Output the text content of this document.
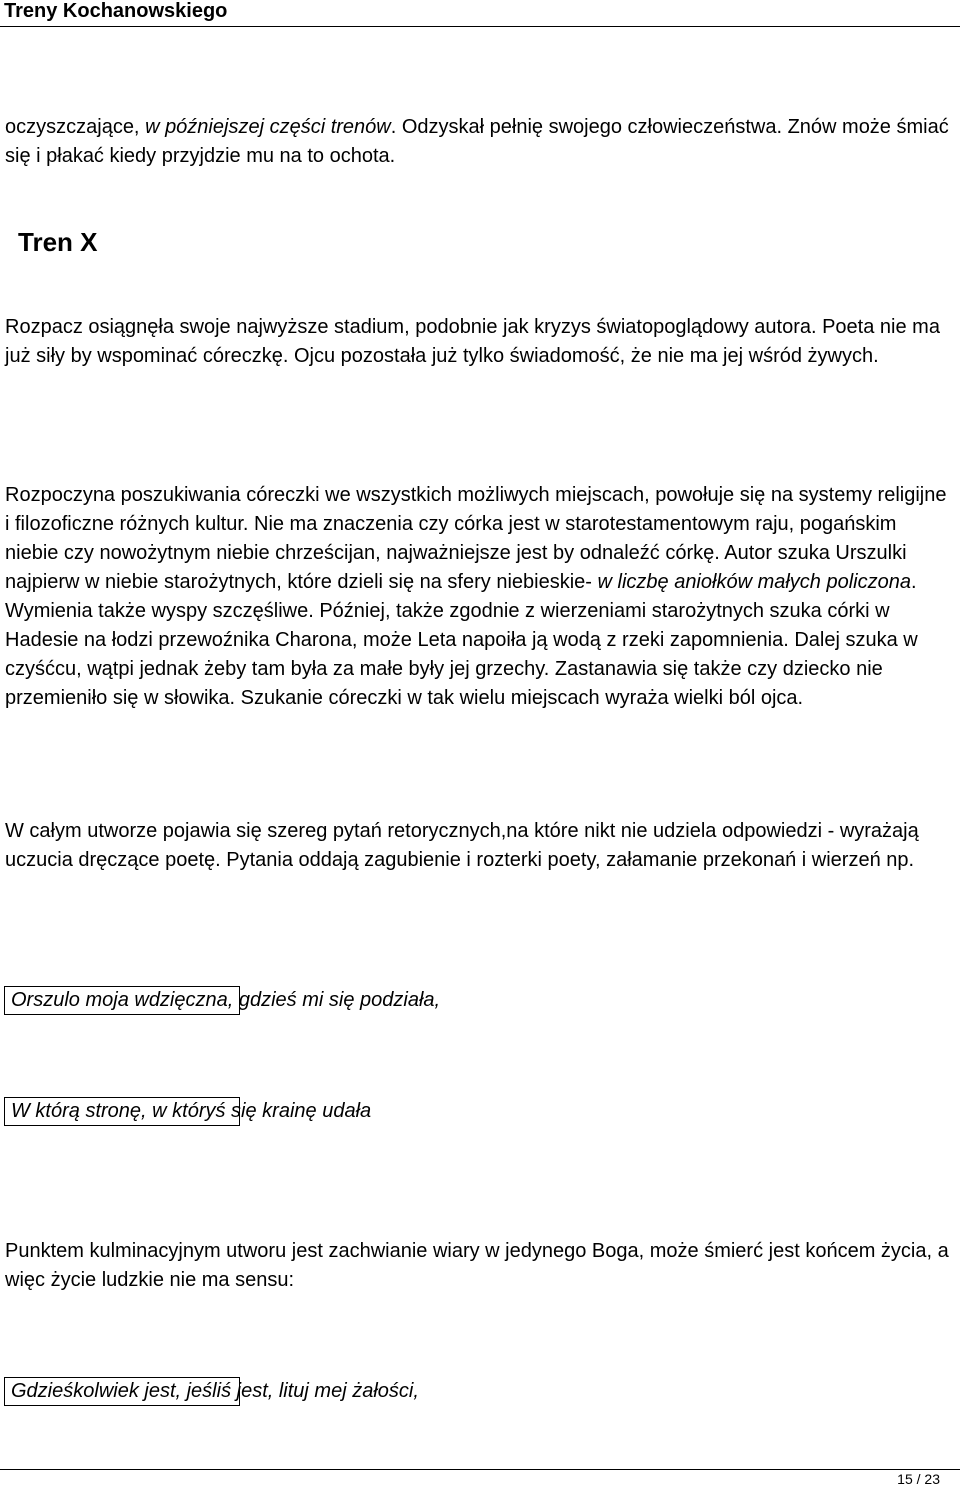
Treny Kochanowskiego

oczyszczające, w późniejszej części trenów. Odzyskał pełnię swojego człowieczeństwa. Znów może śmiać się i płakać kiedy przyjdzie mu na to ochota.

Tren X

Rozpacz osiągnęła swoje najwyższe stadium, podobnie jak kryzys światopoglądowy autora. Poeta nie ma już siły by wspominać córeczkę. Ojcu pozostała już tylko świadomość, że nie ma jej wśród żywych.

Rozpoczyna poszukiwania córeczki we wszystkich możliwych miejscach, powołuje się na systemy religijne i filozoficzne różnych kultur. Nie ma znaczenia czy córka jest w starotestamentowym raju, pogańskim niebie czy nowożytnym niebie chrześcijan, najważniejsze jest by odnaleźć córkę. Autor szuka Urszulki najpierw w niebie starożytnych, które dzieli się na sfery niebieskie- w liczbę aniołków małych policzona. Wymienia także wyspy szczęśliwe. Później, także zgodnie z wierzeniami starożytnych szuka córki w Hadesie na łodzi przewoźnika Charona, może Leta napoiła ją wodą z rzeki zapomnienia. Dalej szuka w czyśćcu, wątpi jednak żeby tam była za małe były jej grzechy. Zastanawia się także czy dziecko nie przemieniło się w słowika. Szukanie córeczki w tak wielu miejscach wyraża wielki ból ojca.

W całym utworze pojawia się szereg pytań retorycznych,na które nikt nie udziela odpowiedzi - wyrażają uczucia dręczące poetę. Pytania oddają zagubienie i rozterki poety, załamanie przekonań i wierzeń np.

Orszulo moja wdzięczna, gdzieś mi się podziała,
W którą stronę, w któryś się krainę udała

Punktem kulminacyjnym utworu jest zachwianie wiary w jedynego Boga, może śmierć jest końcem życia, a więc życie ludzkie nie ma sensu:

Gdzieśkolwiek jest, jeśliś jest, lituj mej żałości,
15 / 23
